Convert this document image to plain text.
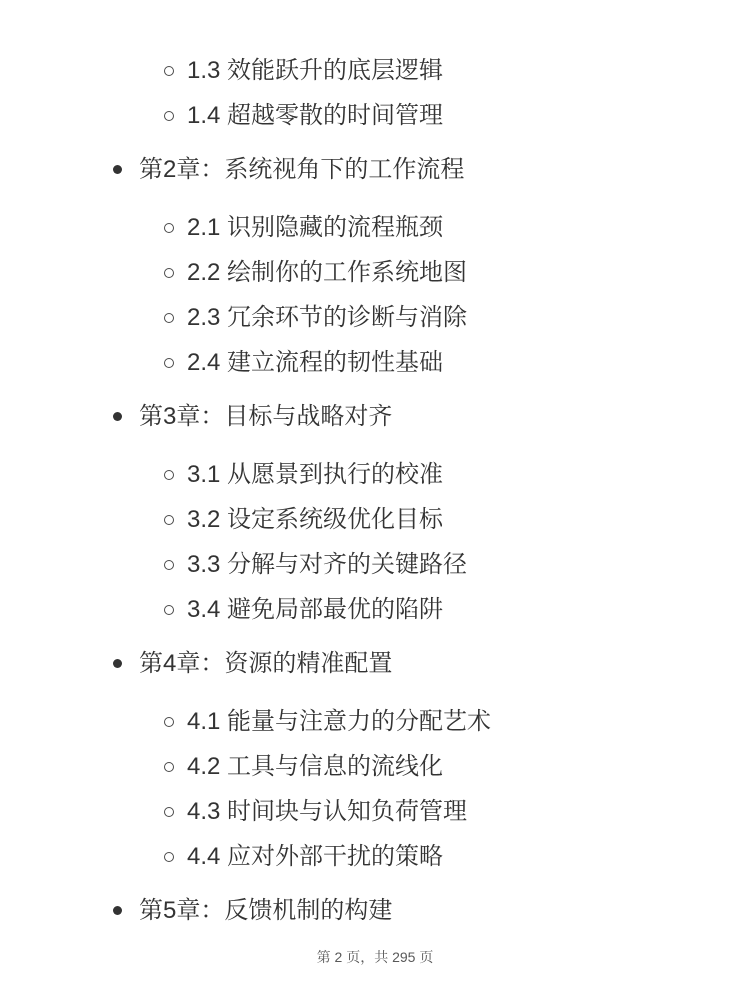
1.3 效能跃升的底层逻辑
1.4 超越零散的时间管理
第2章：系统视角下的工作流程
2.1 识别隐藏的流程瓶颈
2.2 绘制你的工作系统地图
2.3 冗余环节的诊断与消除
2.4 建立流程的韧性基础
第3章：目标与战略对齐
3.1 从愿景到执行的校准
3.2 设定系统级优化目标
3.3 分解与对齐的关键路径
3.4 避免局部最优的陷阱
第4章：资源的精准配置
4.1 能量与注意力的分配艺术
4.2 工具与信息的流线化
4.3 时间块与认知负荷管理
4.4 应对外部干扰的策略
第5章：反馈机制的构建
第 2 页，共 295 页
